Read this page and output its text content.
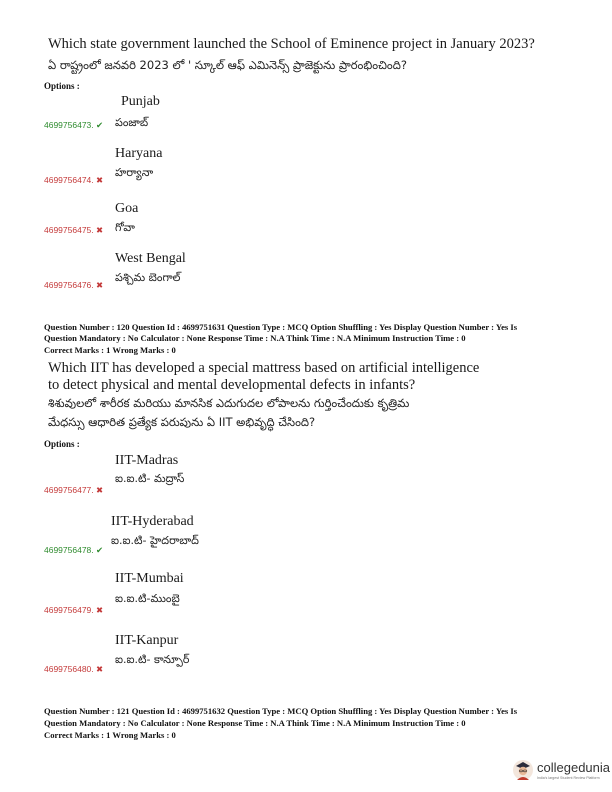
Which state government launched the School of Eminence project in January 2023?
ఏ రాష్ట్రంలో జనవరి 2023 లో ' స్కూల్ ఆఫ్ ఎమినెన్స్ ప్రాజెక్టును ప్రారంభించింది?
Options :
Punjab
4699756473. ✔ పంజాబ్
Haryana
4699756474. ✖
హర్యానా
Goa
4699756475. ✖ గోవా
West Bengal
4699756476. ✖
పశ్చిమ బెంగాల్
Question Number : 120 Question Id : 4699751631 Question Type : MCQ Option Shuffling : Yes Display Question Number : Yes Is
Question Mandatory : No Calculator : None Response Time : N.A Think Time : N.A Minimum Instruction Time : 0
Correct Marks : 1 Wrong Marks : 0
Which IIT has developed a special mattress based on artificial intelligence
to detect physical and mental developmental defects in infants?
శిశువులలో శారీరక మరియు మానసిక ఎదుగుదల లోపాలను గుర్తించేందుకు కృత్రిమ
మేధస్సు ఆధారిత ప్రత్యేక పరుపును ఏ IIT అభివృద్ధి చేసింది?
Options :
IIT-Madras
4699756477. ✖
ఐ.ఐ.టి- మద్రాస్
IIT-Hyderabad
4699756478. ✔
ఐ.ఐ.టి- హైదరాబాద్
IIT-Mumbai
4699756479. ✖
ఐ.ఐ.టి-ముంబై
IIT-Kanpur
4699756480. ✖
ఐ.ఐ.టి- కాన్పూర్
Question Number : 121 Question Id : 4699751632 Question Type : MCQ Option Shuffling : Yes Display Question Number : Yes Is
Question Mandatory : No Calculator : None Response Time : N.A Think Time : N.A Minimum Instruction Time : 0
Correct Marks : 1 Wrong Marks : 0
collegedunia
India's largest Student Review Platform
